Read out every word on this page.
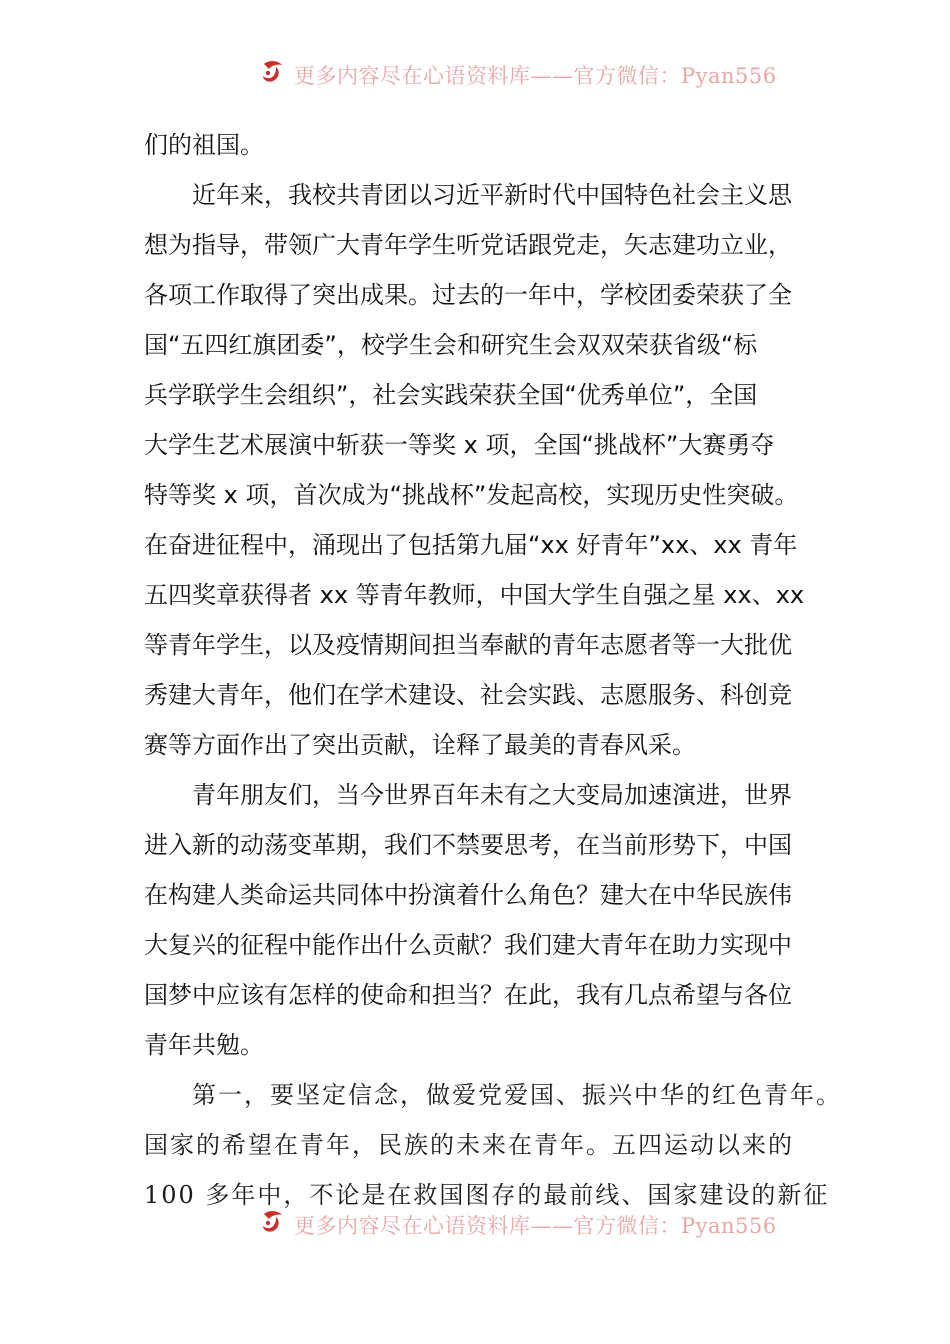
更多内容尽在心语资料库——官方微信：Pyan556
们的祖国。
近年来，我校共青团以习近平新时代中国特色社会主义思
想为指导，带领广大青年学生听党话跟党走，矢志建功立业，
各项工作取得了突出成果。过去的一年中，学校团委荣获了全
国“五四红旗团委”，校学生会和研究生会双双荣获省级“标
兵学联学生会组织”，社会实践荣获全国“优秀单位”，全国
大学生艺术展演中斩获一等奖 x 项，全国“挑战杯”大赛勇夺
特等奖 x 项，首次成为“挑战杯”发起高校，实现历史性突破。
在奋进征程中，涌现出了包括第九届“xx 好青年”xx、xx 青年
五四奖章获得者 xx 等青年教师，中国大学生自强之星 xx、xx
等青年学生，以及疫情期间担当奉献的青年志愿者等一大批优
秀建大青年，他们在学术建设、社会实践、志愿服务、科创竞
赛等方面作出了突出贡献，诠释了最美的青春风采。
青年朋友们，当今世界百年未有之大变局加速演进，世界
进入新的动荡变革期，我们不禁要思考，在当前形势下，中国
在构建人类命运共同体中扮演着什么角色？建大在中华民族伟
大复兴的征程中能作出什么贡献？我们建大青年在助力实现中
国梦中应该有怎样的使命和担当？在此，我有几点希望与各位
青年共勉。
第一，要坚定信念，做爱党爱国、振兴中华的红色青年。
国家的希望在青年，民族的未来在青年。五四运动以来的
100 多年中，不论是在救国图存的最前线、国家建设的新征
更多内容尽在心语资料库——官方微信：Pyan556
